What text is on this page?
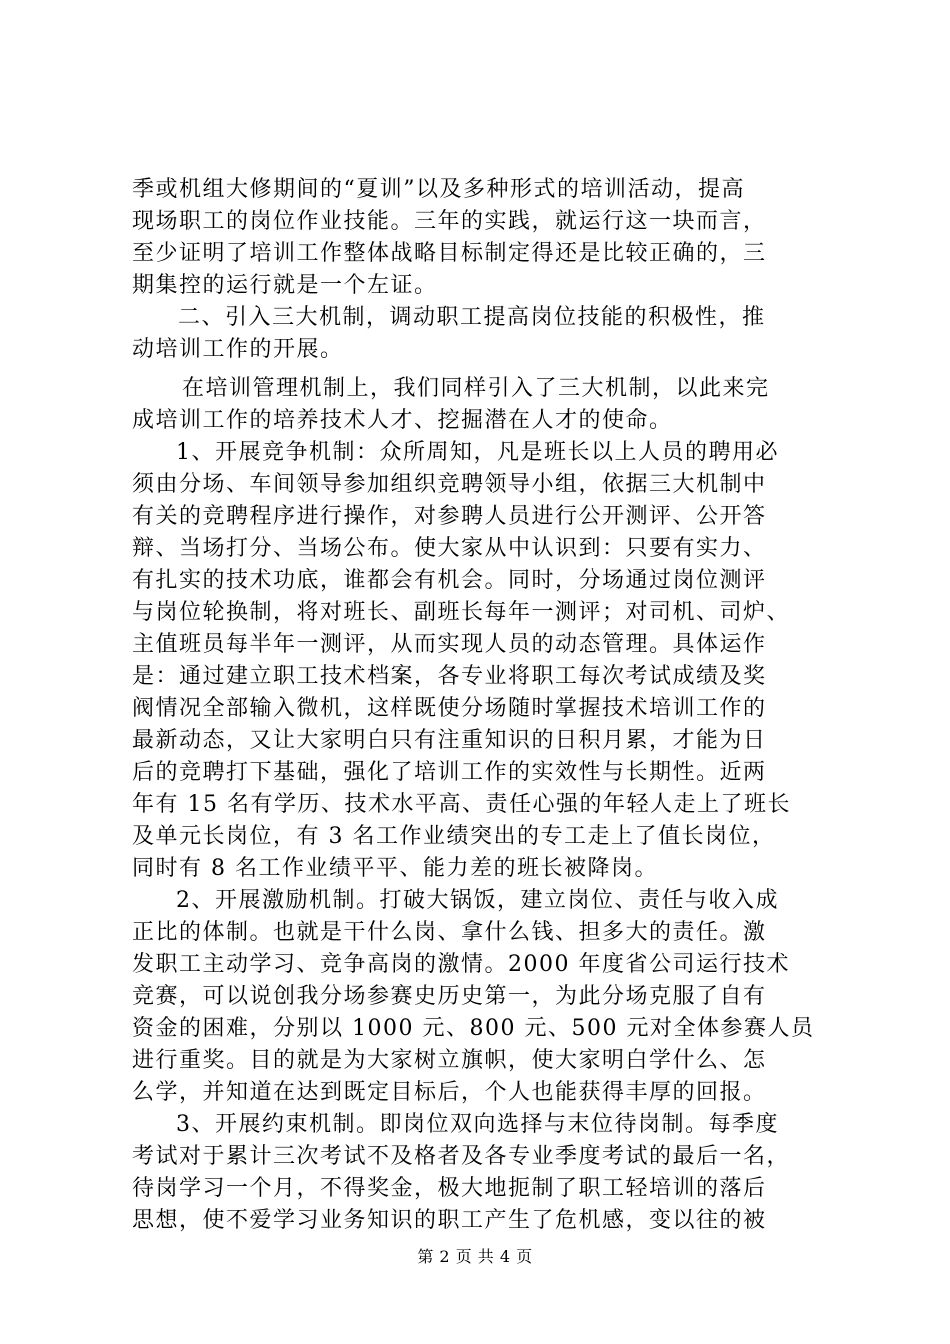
季或机组大修期间的“夏训”以及多种形式的培训活动，提高
现场职工的岗位作业技能。三年的实践，就运行这一块而言，
至少证明了培训工作整体战略目标制定得还是比较正确的，三
期集控的运行就是一个左证。
二、引入三大机制，调动职工提高岗位技能的积极性，推
动培训工作的开展。
在培训管理机制上，我们同样引入了三大机制，以此来完
成培训工作的培养技术人才、挖掘潜在人才的使命。
1、开展竞争机制：众所周知，凡是班长以上人员的聘用必
须由分场、车间领导参加组织竞聘领导小组，依据三大机制中
有关的竞聘程序进行操作，对参聘人员进行公开测评、公开答
辩、当场打分、当场公布。使大家从中认识到：只要有实力、
有扎实的技术功底，谁都会有机会。同时，分场通过岗位测评
与岗位轮换制，将对班长、副班长每年一测评；对司机、司炉、
主值班员每半年一测评，从而实现人员的动态管理。具体运作
是：通过建立职工技术档案，各专业将职工每次考试成绩及奖
阀情况全部输入微机，这样既使分场随时掌握技术培训工作的
最新动态，又让大家明白只有注重知识的日积月累，才能为日
后的竞聘打下基础，强化了培训工作的实效性与长期性。近两
年有 15 名有学历、技术水平高、责任心强的年轻人走上了班长
及单元长岗位，有 3 名工作业绩突出的专工走上了值长岗位，
同时有 8 名工作业绩平平、能力差的班长被降岗。
2、开展激励机制。打破大锅饭，建立岗位、责任与收入成
正比的体制。也就是干什么岗、拿什么钱、担多大的责任。激
发职工主动学习、竞争高岗的激情。2000 年度省公司运行技术
竞赛，可以说创我分场参赛史历史第一，为此分场克服了自有
资金的困难，分别以 1000 元、800 元、500 元对全体参赛人员
进行重奖。目的就是为大家树立旗帜，使大家明白学什么、怎
么学，并知道在达到既定目标后，个人也能获得丰厚的回报。
3、开展约束机制。即岗位双向选择与末位待岗制。每季度
考试对于累计三次考试不及格者及各专业季度考试的最后一名，
待岗学习一个月，不得奖金，极大地扼制了职工轻培训的落后
思想，使不爱学习业务知识的职工产生了危机感，变以往的被
第 2 页 共 4 页
